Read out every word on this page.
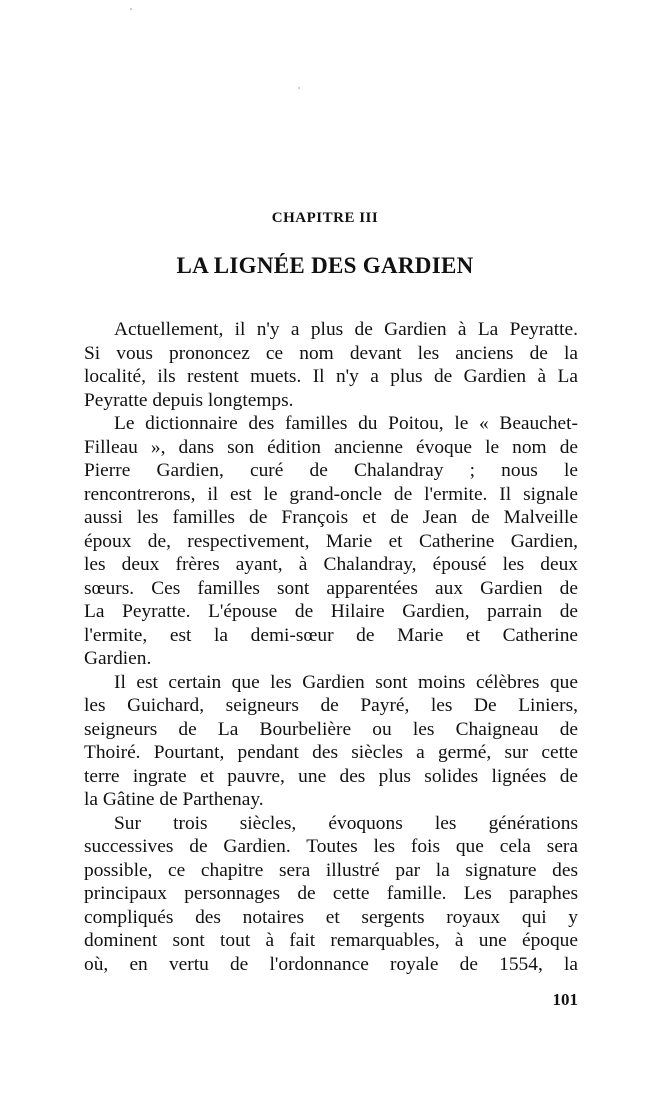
CHAPITRE III
LA LIGNÉE DES GARDIEN
Actuellement, il n'y a plus de Gardien à La Peyratte.
Si vous prononcez ce nom devant les anciens de la
localité, ils restent muets. Il n'y a plus de Gardien à La
Peyratte depuis longtemps.
Le dictionnaire des familles du Poitou, le « Beauchet-
Filleau », dans son édition ancienne évoque le nom de
Pierre Gardien, curé de Chalandray ; nous le
rencontrerons, il est le grand-oncle de l'ermite. Il signale
aussi les familles de François et de Jean de Malveille
époux de, respectivement, Marie et Catherine Gardien,
les deux frères ayant, à Chalandray, épousé les deux
sœurs. Ces familles sont apparentées aux Gardien de
La Peyratte. L'épouse de Hilaire Gardien, parrain de
l'ermite, est la demi-sœur de Marie et Catherine
Gardien.
Il est certain que les Gardien sont moins célèbres que
les Guichard, seigneurs de Payré, les De Liniers,
seigneurs de La Bourbelière ou les Chaigneau de
Thoiré. Pourtant, pendant des siècles a germé, sur cette
terre ingrate et pauvre, une des plus solides lignées de
la Gâtine de Parthenay.
Sur trois siècles, évoquons les générations
successives de Gardien. Toutes les fois que cela sera
possible, ce chapitre sera illustré par la signature des
principaux personnages de cette famille. Les paraphes
compliqués des notaires et sergents royaux qui y
dominent sont tout à fait remarquables, à une époque
où, en vertu de l'ordonnance royale de 1554, la
101
